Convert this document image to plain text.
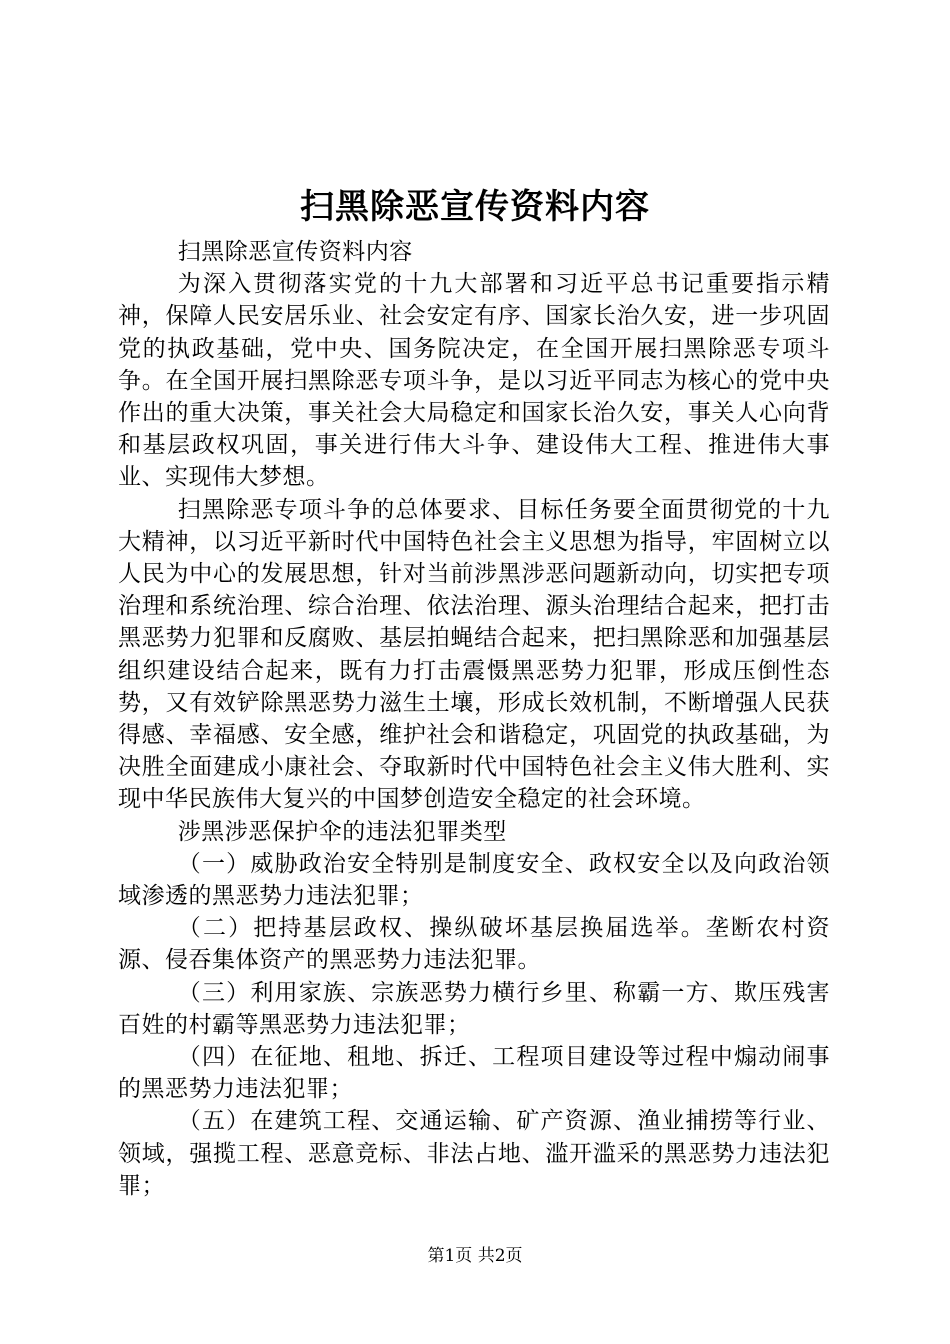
扫黑除恶宣传资料内容

扫黑除恶宣传资料内容

为深入贯彻落实党的十九大部署和习近平总书记重要指示精神，保障人民安居乐业、社会安定有序、国家长治久安，进一步巩固党的执政基础，党中央、国务院决定，在全国开展扫黑除恶专项斗争。在全国开展扫黑除恶专项斗争，是以习近平同志为核心的党中央作出的重大决策，事关社会大局稳定和国家长治久安，事关人心向背和基层政权巩固，事关进行伟大斗争、建设伟大工程、推进伟大事业、实现伟大梦想。

扫黑除恶专项斗争的总体要求、目标任务要全面贯彻党的十九大精神，以习近平新时代中国特色社会主义思想为指导，牢固树立以人民为中心的发展思想，针对当前涉黑涉恶问题新动向，切实把专项治理和系统治理、综合治理、依法治理、源头治理结合起来，把打击黑恶势力犯罪和反腐败、基层拍蝇结合起来，把扫黑除恶和加强基层组织建设结合起来，既有力打击震慑黑恶势力犯罪，形成压倒性态势，又有效铲除黑恶势力滋生土壤，形成长效机制，不断增强人民获得感、幸福感、安全感，维护社会和谐稳定，巩固党的执政基础，为决胜全面建成小康社会、夺取新时代中国特色社会主义伟大胜利、实现中华民族伟大复兴的中国梦创造安全稳定的社会环境。

涉黑涉恶保护伞的违法犯罪类型

（一）威胁政治安全特别是制度安全、政权安全以及向政治领域渗透的黑恶势力违法犯罪；

（二）把持基层政权、操纵破坏基层换届选举。垄断农村资源、侵吞集体资产的黑恶势力违法犯罪。

（三）利用家族、宗族恶势力横行乡里、称霸一方、欺压残害百姓的村霸等黑恶势力违法犯罪；

（四）在征地、租地、拆迁、工程项目建设等过程中煽动闹事的黑恶势力违法犯罪；

（五）在建筑工程、交通运输、矿产资源、渔业捕捞等行业、领域，强揽工程、恶意竞标、非法占地、滥开滥采的黑恶势力违法犯罪；

第1页 共2页
